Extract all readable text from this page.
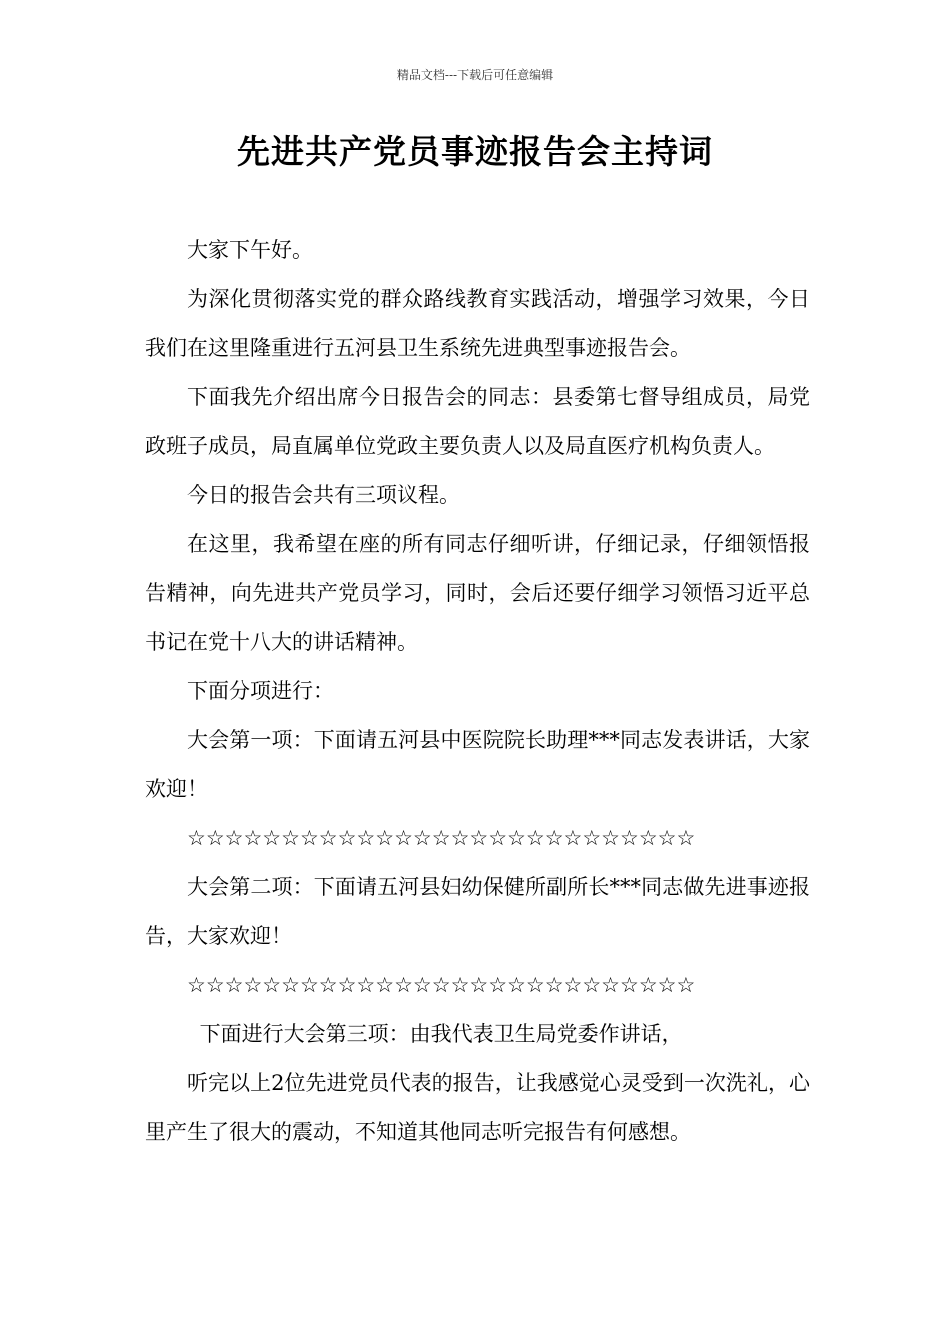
精品文档---下载后可任意编辑
先进共产党员事迹报告会主持词

大家下午好。

为深化贯彻落实党的群众路线教育实践活动，增强学习效果，今日我们在这里隆重进行五河县卫生系统先进典型事迹报告会。

下面我先介绍出席今日报告会的同志：县委第七督导组成员，局党政班子成员，局直属单位党政主要负责人以及局直医疗机构负责人。

今日的报告会共有三项议程。

在这里，我希望在座的所有同志仔细听讲，仔细记录，仔细领悟报告精神，向先进共产党员学习，同时，会后还要仔细学习领悟习近平总书记在党十八大的讲话精神。

下面分项进行：

大会第一项：下面请五河县中医院院长助理***同志发表讲话，大家欢迎！

☆☆☆☆☆☆☆☆☆☆☆☆☆☆☆☆☆☆☆☆☆☆☆☆☆☆☆

大会第二项：下面请五河县妇幼保健所副所长***同志做先进事迹报告，大家欢迎！

☆☆☆☆☆☆☆☆☆☆☆☆☆☆☆☆☆☆☆☆☆☆☆☆☆☆☆

下面进行大会第三项：由我代表卫生局党委作讲话，

听完以上2位先进党员代表的报告，让我感觉心灵受到一次洗礼，心里产生了很大的震动，不知道其他同志听完报告有何感想。
